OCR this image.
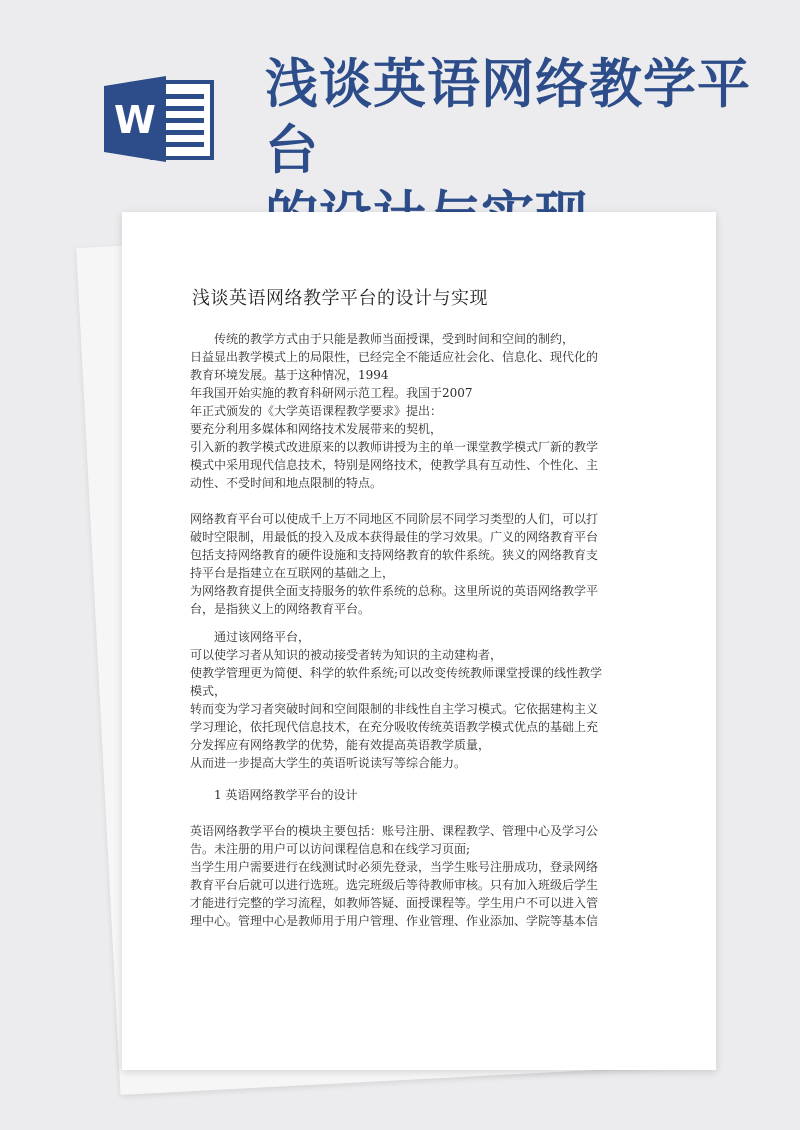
W
浅谈英语网络教学平台
浅谈英语网络教学平台的设计与实现

传统的教学方式由于只能是教师当面授课，受到时间和空间的制约，

日益显出教学模式上的局限性，已经完全不能适应社会化、信息化、现代化的

教育环境发展。基于这种情况，1994

年我国开始实施的教育科研网示范工程。我国于2007

年正式颁发的《大学英语课程教学要求》提出：

要充分利用多媒体和网络技术发展带来的契机，

引入新的教学模式改进原来的以教师讲授为主的单一课堂教学模式厂新的教学

模式中采用现代信息技术，特别是网络技术，使教学具有互动性、个性化、主

动性、不受时间和地点限制的特点。

网络教育平台可以使成千上万不同地区不同阶层不同学习类型的人们，可以打

破时空限制，用最低的投入及成本获得最佳的学习效果。广义的网络教育平台

包括支持网络教育的硬件设施和支持网络教育的软件系统。狭义的网络教育支

持平台是指建立在互联网的基础之上，

为网络教育提供全面支持服务的软件系统的总称。这里所说的英语网络教学平

台，是指狭义上的网络教育平台。

通过该网络平台，

可以使学习者从知识的被动接受者转为知识的主动建构者，

使教学管理更为简便、科学的软件系统;可以改变传统教师课堂授课的线性教学

模式，

转而变为学习者突破时间和空间限制的非线性自主学习模式。它依据建构主义

学习理论，依托现代信息技术，在充分吸收传统英语教学模式优点的基础上充

分发挥应有网络教学的优势，能有效提高英语教学质量，

从而进一步提高大学生的英语听说读写等综合能力。

1 英语网络教学平台的设计

英语网络教学平台的模块主要包括：账号注册、课程教学、管理中心及学习公

告。未注册的用户可以访问课程信息和在线学习页面;

当学生用户需要进行在线测试时必须先登录，当学生账号注册成功，登录网络

教育平台后就可以进行选班。选完班级后等待教师审核。只有加入班级后学生

才能进行完整的学习流程，如教师答疑、面授课程等。学生用户不可以进入管

理中心。管理中心是教师用于用户管理、作业管理、作业添加、学院等基本信
